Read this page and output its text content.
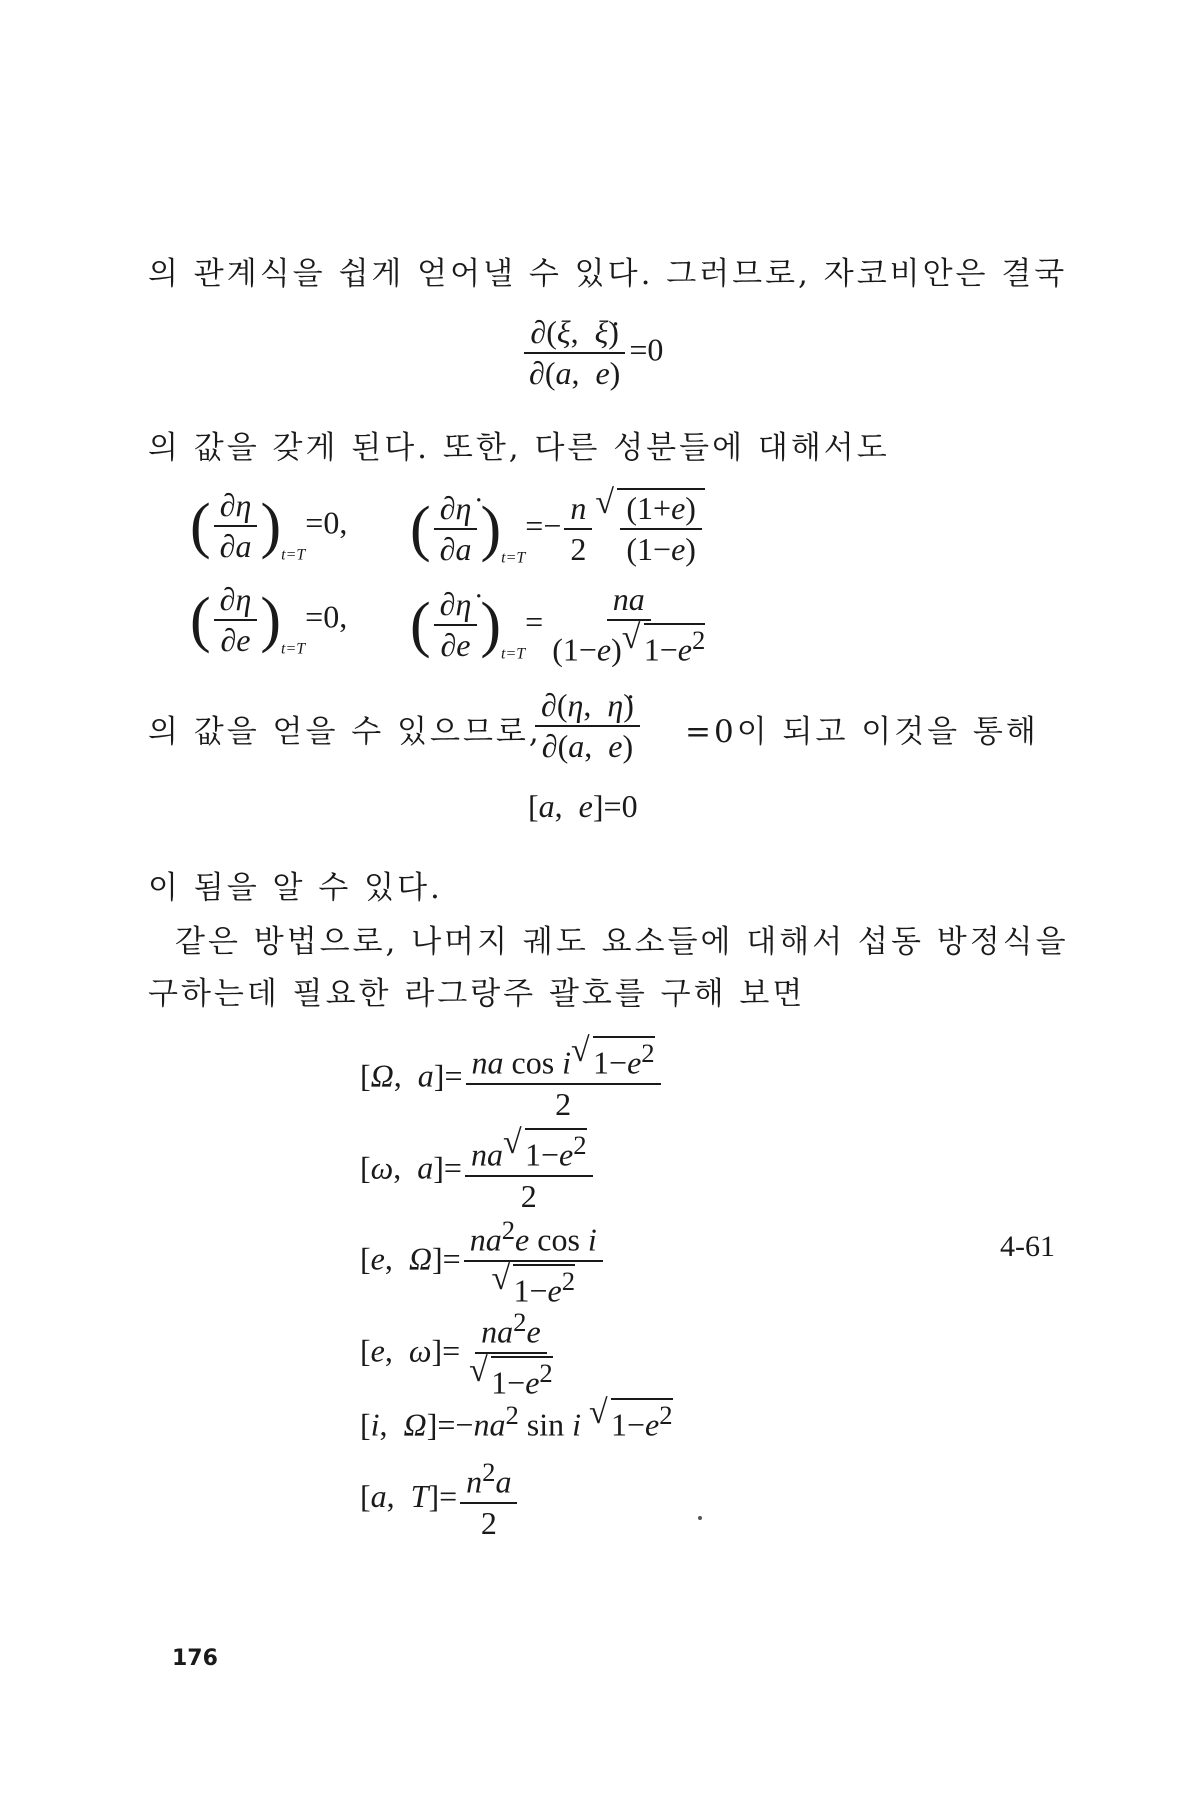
의 관계식을 쉽게 얻어낼 수 있다. 그러므로, 자코비안은 결국
$\frac{\partial(\xi, \xi̇)}{\partial(a, e)} =0$
의 값을 갖게 된다. 또한, 다른 성분들에 대해서도
( $\frac{\partial\eta}{\partial a} )_{t=T}=0$, ( $\frac{\partial\etȧ}{\partial a} )_{t=T}=- \frac{n}{2}$ √ $\frac{(1+e)}{(1-e)}$
( $\frac{\partial\eta}{\partial e} )_{t=T}=0$, ( $\frac{\partial\etȧ}{\partial e} )_{t=T}= \frac{na}{(1-e) √ 1-e^2}$
의 값을 얻을 수 있으므로,
$\frac{\partial(\eta, \etȧ)}{\partial(a, e)} =0$이 되고 이것을 통해
[a,  e]=0
이 됨을 알 수 있다.
같은 방법으로, 나머지 궤도 요소들에 대해서 섭동 방정식을
구하는데 필요한 라그랑주 괄호를 구해 보면
[Ω,  $a]= \frac{na \cos i √ 1-e^2}{2}$
[ω,  $a]= \frac{na √ 1-e^2}{2}$
[e,  $\Omega]= na^2e$ cos i
√ $1-e^2$	4-61
[e,  $\omega]= na^2e$
√ $1-e^2$
[i,  $\Omega]=-na^2$ sin i √ $1-e^2$
[a,  $T]= \frac{n^2a}{2}$
176
